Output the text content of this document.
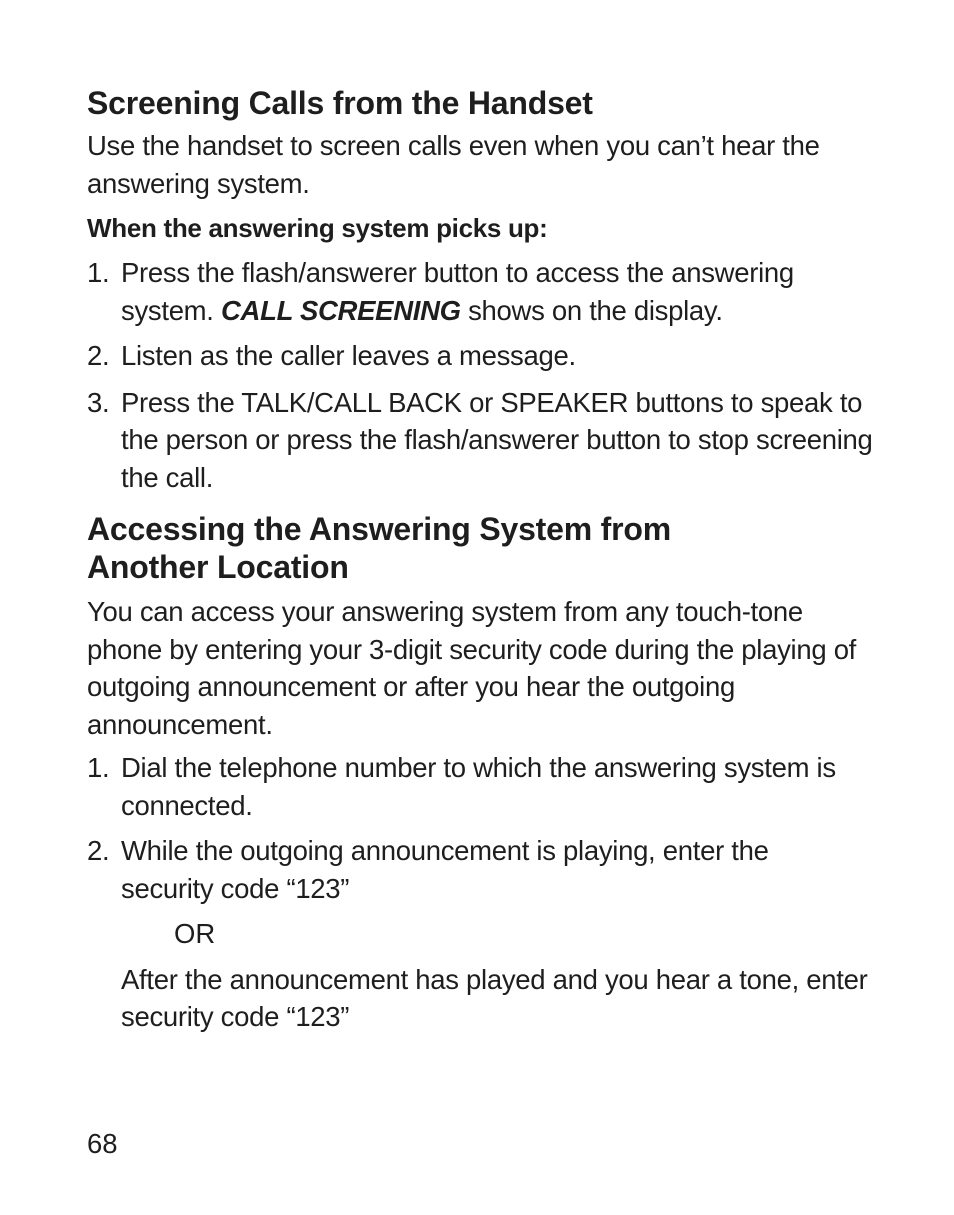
Screening Calls from the Handset

Use the handset to screen calls even when you can’t hear the answering system.

When the answering system picks up:
1. Press the flash/answerer button to access the answering system. CALL SCREENING shows on the display.
2. Listen as the caller leaves a message.
3. Press the TALK/CALL BACK or SPEAKER buttons to speak to the person or press the flash/answerer button to stop screening the call.
Accessing the Answering System from Another Location

You can access your answering system from any touch-tone phone by entering your 3-digit security code during the playing of outgoing announcement or after you hear the outgoing announcement.

1. Dial the telephone number to which the answering system is connected.
2. While the outgoing announcement is playing, enter the security code “123”
OR
After the announcement has played and you hear a tone, enter security code “123”
68
